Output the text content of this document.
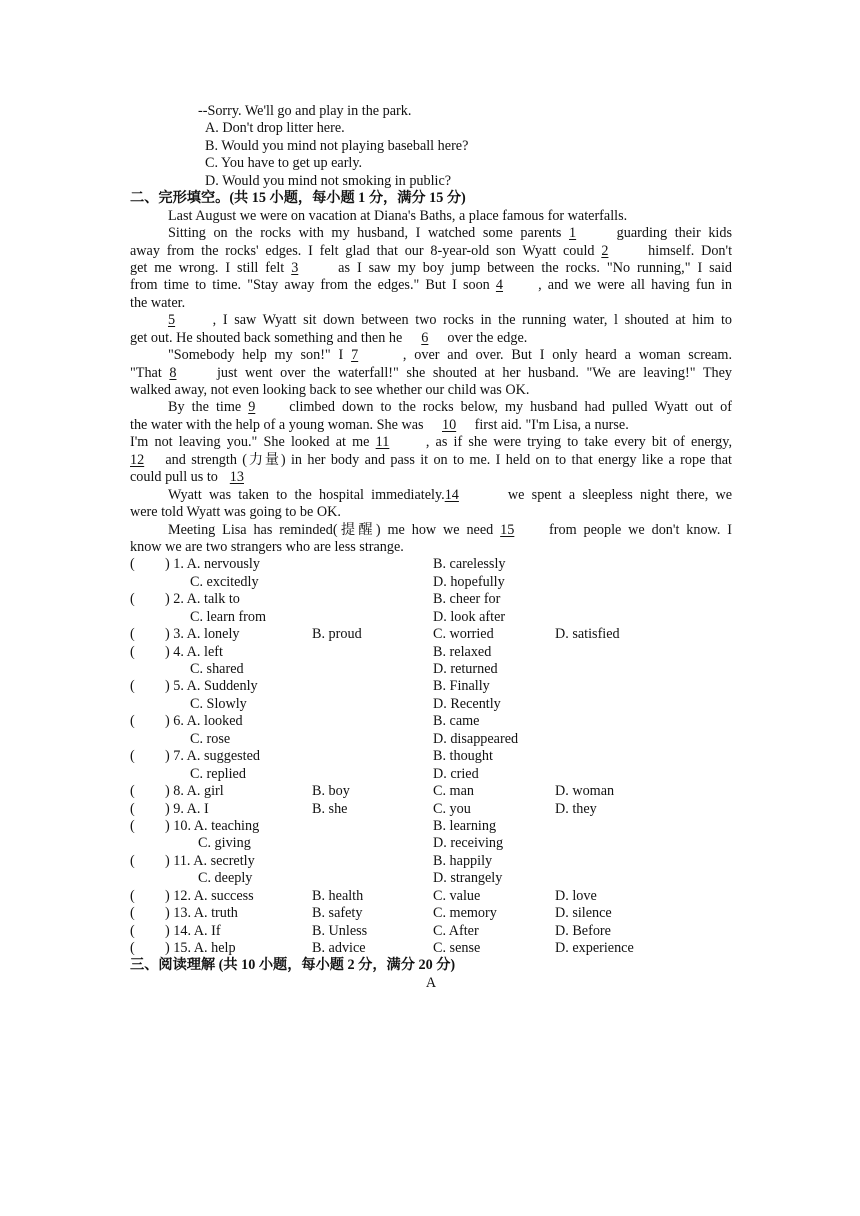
--Sorry. We'll go and play in the park.
A. Don't drop litter here.
B. Would you mind not playing baseball here?
C. You have to get up early.
D. Would you mind not smoking in public?
二、完形填空。(共 15 小题，每小题 1 分，满分 15 分)
Last August we were on vacation at Diana's Baths, a place famous for waterfalls.
Sitting on the rocks with my husband, I watched some parents 1	guarding their kids
away from the rocks' edges. I felt glad that our 8-year-old son Wyatt could 2	himself. Don't
get me wrong. I still felt 3	as I saw my boy jump between the rocks. "No running," I said
from time to time. "Stay away from the edges." But I soon 4 , and we were all having fun in
the water.
5	, I saw Wyatt sit down between two rocks in the running water, l shouted at him to
get out. He shouted back something and then he 6 over the edge.
"Somebody help my son!" I 7	, over and over. But I only heard a woman scream.
"That 8	just went over the waterfall!" she shouted at her husband. "We are leaving!" They
walked away, not even looking back to see whether our child was OK.
By the time 9 climbed down to the rocks below, my husband had pulled Wyatt out of
the water with the help of a young woman. She was 10 first aid. "I'm Lisa, a nurse.
I'm not leaving you." She looked at me 11	, as if she were trying to take every bit of energy,
12 and strength (力量) in her body and pass it on to me. I held on to that energy like a rope that
could pull us to 13
Wyatt was taken to the hospital immediately.14	we spent a sleepless night there, we
were told Wyatt was going to be OK.
Meeting Lisa has reminded(提醒) me how we need 15 from people we don't know. I
know we are two strangers who are less strange.
( ) 1. A. nervously	B. carelessly
C. excitedly	D. hopefully
( ) 2. A. talk to	B. cheer for
C. learn from	D. look after
( ) 3. A. lonely	B. proud	C. worried	D. satisfied
( ) 4. A. left	B. relaxed
C. shared	D. returned
( ) 5. A. Suddenly	B. Finally
C. Slowly	D. Recently
( ) 6. A. looked	B. came
C. rose	D. disappeared
( ) 7. A. suggested	B. thought
C. replied	D. cried
( ) 8. A. girl	B. boy	C. man	D. woman
( ) 9. A. I	B. she	C. you	D. they
( ) 10. A. teaching	B. learning
C. giving	D. receiving
( ) 11. A. secretly	B. happily
C. deeply	D. strangely
( ) 12. A. success	B. health	C. value	D. love
( ) 13. A. truth	B. safety	C. memory	D. silence
( ) 14. A. If	B. Unless	C. After	D. Before
( ) 15. A. help	B. advice	C. sense	D. experience
三、阅读理解 (共 10 小题，每小题 2 分，满分 20 分)
A
